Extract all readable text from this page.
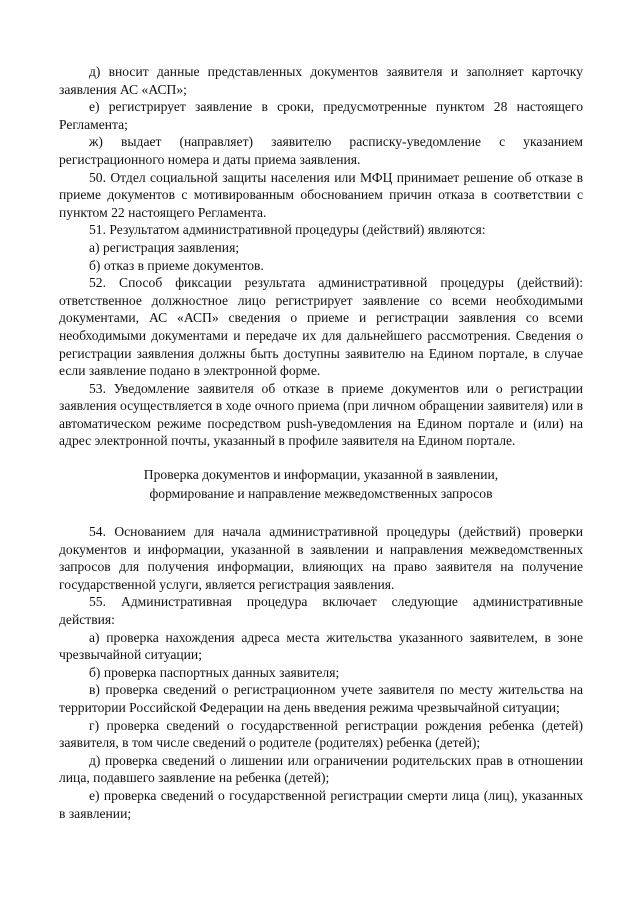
д) вносит данные представленных документов заявителя и заполняет карточку заявления АС «АСП»;

е) регистрирует заявление в сроки, предусмотренные пунктом 28 настоящего Регламента;

ж) выдает (направляет) заявителю расписку-уведомление с указанием регистрационного номера и даты приема заявления.

50. Отдел социальной защиты населения или МФЦ принимает решение об отказе в приеме документов с мотивированным обоснованием причин отказа в соответствии с пунктом 22 настоящего Регламента.

51. Результатом административной процедуры (действий) являются:

а) регистрация заявления;

б) отказ в приеме документов.

52. Способ фиксации результата административной процедуры (действий): ответственное должностное лицо регистрирует заявление со всеми необходимыми документами, АС «АСП» сведения о приеме и регистрации заявления со всеми необходимыми документами и передаче их для дальнейшего рассмотрения. Сведения о регистрации заявления должны быть доступны заявителю на Едином портале, в случае если заявление подано в электронной форме.

53. Уведомление заявителя об отказе в приеме документов или о регистрации заявления осуществляется в ходе очного приема (при личном обращении заявителя) или в автоматическом режиме посредством push-уведомления на Едином портале и (или) на адрес электронной почты, указанный в профиле заявителя на Едином портале.

Проверка документов и информации, указанной в заявлении,
формирование и направление межведомственных запросов

54. Основанием для начала административной процедуры (действий) проверки документов и информации, указанной в заявлении и направления межведомственных запросов для получения информации, влияющих на право заявителя на получение государственной услуги, является регистрация заявления.

55. Административная процедура включает следующие административные действия:

а) проверка нахождения адреса места жительства указанного заявителем, в зоне чрезвычайной ситуации;

б) проверка паспортных данных заявителя;

в) проверка сведений о регистрационном учете заявителя по месту жительства на территории Российской Федерации на день введения режима чрезвычайной ситуации;

г) проверка сведений о государственной регистрации рождения ребенка (детей) заявителя, в том числе сведений о родителе (родителях) ребенка (детей);

д) проверка сведений о лишении или ограничении родительских прав в отношении лица, подавшего заявление на ребенка (детей);

е) проверка сведений о государственной регистрации смерти лица (лиц), указанных в заявлении;
